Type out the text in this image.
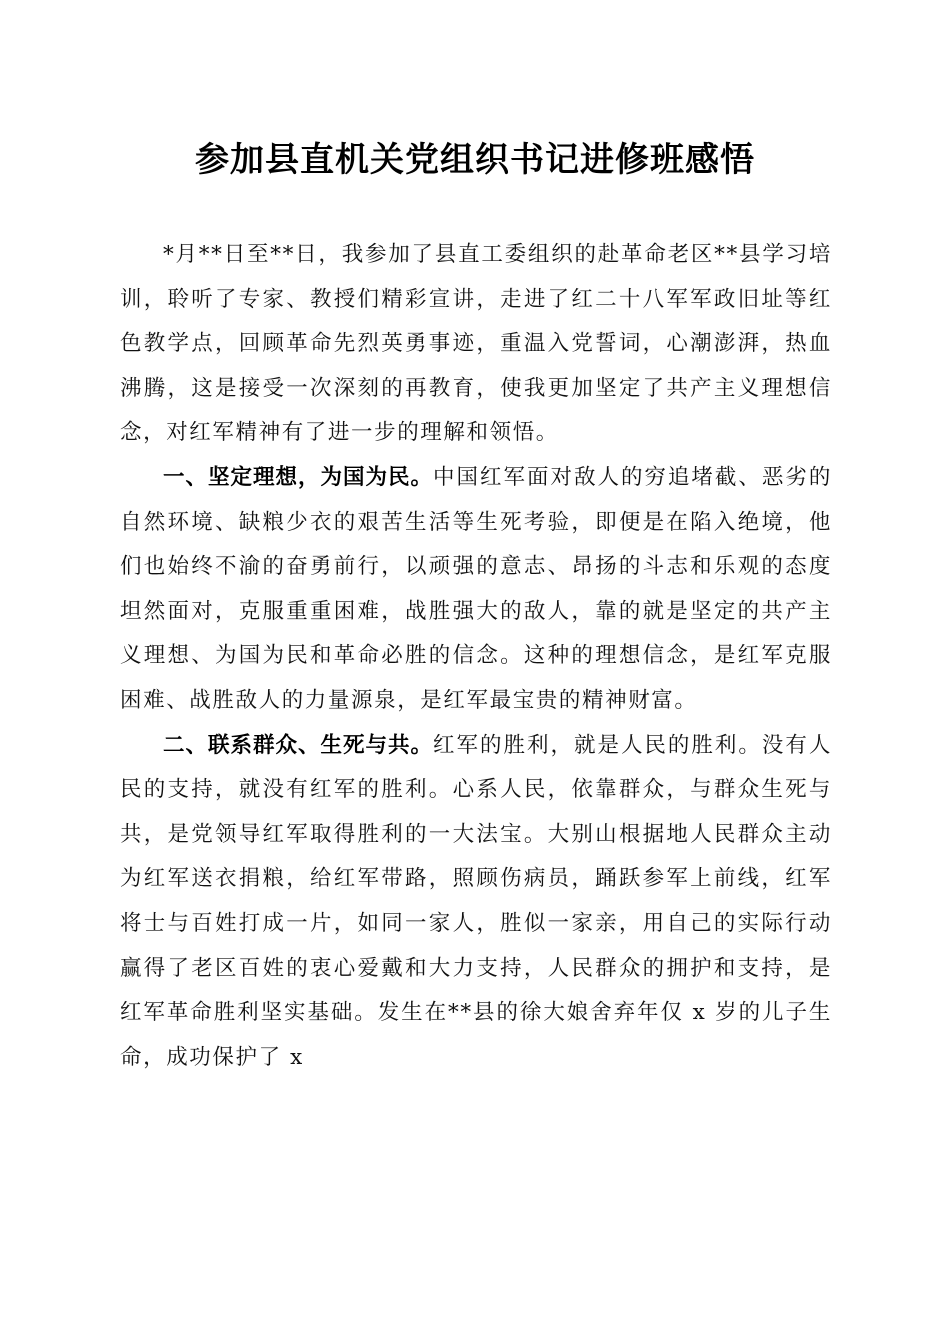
参加县直机关党组织书记进修班感悟

*月**日至**日，我参加了县直工委组织的赴革命老区**县学习培训，聆听了专家、教授们精彩宣讲，走进了红二十八军军政旧址等红色教学点，回顾革命先烈英勇事迹，重温入党誓词，心潮澎湃，热血沸腾，这是接受一次深刻的再教育，使我更加坚定了共产主义理想信念，对红军精神有了进一步的理解和领悟。

一、坚定理想，为国为民。中国红军面对敌人的穷追堵截、恶劣的自然环境、缺粮少衣的艰苦生活等生死考验，即便是在陷入绝境，他们也始终不渝的奋勇前行，以顽强的意志、昂扬的斗志和乐观的态度坦然面对，克服重重困难，战胜强大的敌人，靠的就是坚定的共产主义理想、为国为民和革命必胜的信念。这种的理想信念，是红军克服困难、战胜敌人的力量源泉，是红军最宝贵的精神财富。

二、联系群众、生死与共。红军的胜利，就是人民的胜利。没有人民的支持，就没有红军的胜利。心系人民，依靠群众，与群众生死与共，是党领导红军取得胜利的一大法宝。大别山根据地人民群众主动为红军送衣捐粮，给红军带路，照顾伤病员，踊跃参军上前线，红军将士与百姓打成一片，如同一家人，胜似一家亲，用自己的实际行动赢得了老区百姓的衷心爱戴和大力支持，人民群众的拥护和支持，是红军革命胜利坚实基础。发生在**县的徐大娘舍弃年仅 x 岁的儿子生命，成功保护了 x
